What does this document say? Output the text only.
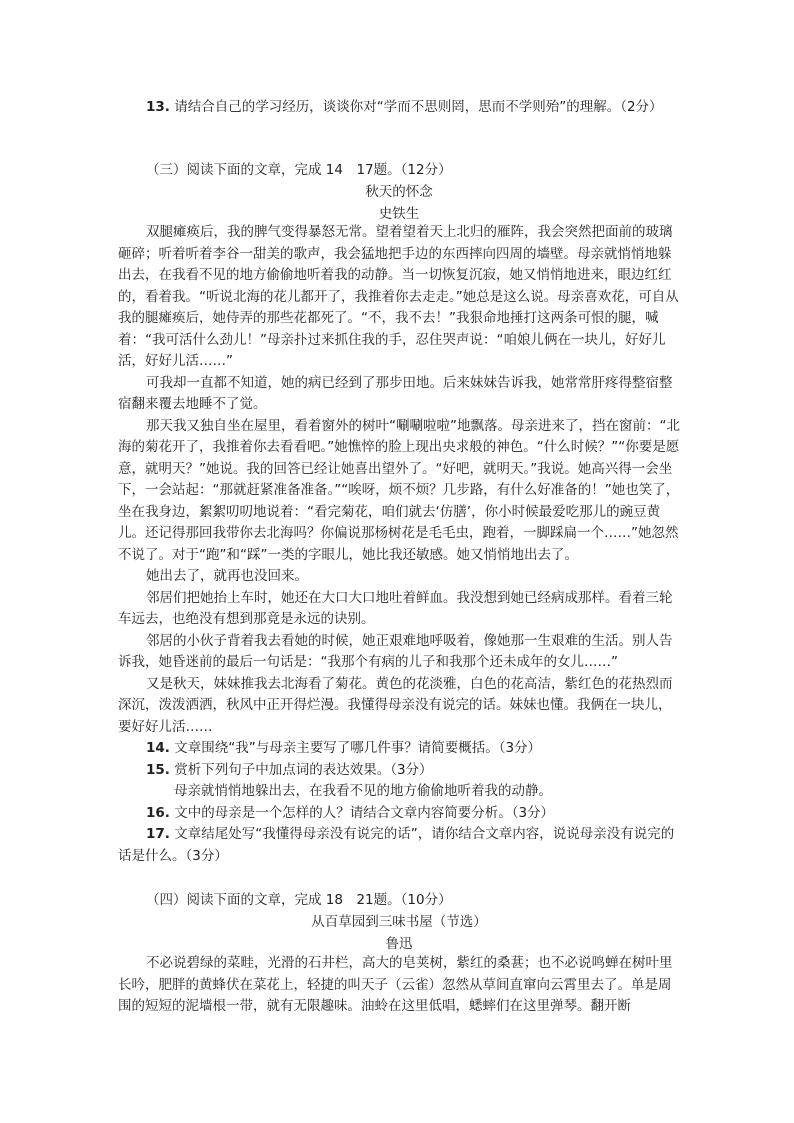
13. 请结合自己的学习经历，谈谈你对“学而不思则罔，思而不学则殆”的理解。（2分）

（三）阅读下面的文章，完成 14　17题。（12分）
秋天的怀念
史铁生

双腿瘫痪后，我的脾气变得暴怒无常。望着望着天上北归的雁阵，我会突然把面前的玻璃砸碎；听着听着李谷一甜美的歌声，我会猛地把手边的东西摔向四周的墙壁。母亲就悄悄地躲出去，在我看不见的地方偷偷地听着我的动静。当一切恢复沉寂，她又悄悄地进来，眼边红红的，看着我。“听说北海的花儿都开了，我推着你去走走。”她总是这么说。母亲喜欢花，可自从我的腿瘫痪后，她侍弄的那些花都死了。“不，我不去！”我狠命地捶打这两条可恨的腿，喊着：“我可活什么劲儿！”母亲扑过来抓住我的手，忍住哭声说：“咱娘儿俩在一块儿，好好儿活，好好儿活……”

可我却一直都不知道，她的病已经到了那步田地。后来妹妹告诉我，她常常肝疼得整宿整宿翻来覆去地睡不了觉。

那天我又独自坐在屋里，看着窗外的树叶“唰唰啦啦”地飘落。母亲进来了，挡在窗前：“北海的菊花开了，我推着你去看看吧。”她憔悴的脸上现出央求般的神色。“什么时候？”“你要是愿意，就明天？”她说。我的回答已经让她喜出望外了。“好吧，就明天。”我说。她高兴得一会坐下，一会站起：“那就赶紧准备准备。”“唉呀，烦不烦？几步路，有什么好准备的！”她也笑了，坐在我身边，絮絮叨叨地说着：“看完菊花，咱们就去‘仿膳’，你小时候最爱吃那儿的豌豆黄儿。还记得那回我带你去北海吗？你偏说那杨树花是毛毛虫，跑着，一脚踩扁一个……”她忽然不说了。对于“跑”和“踩”一类的字眼儿，她比我还敏感。她又悄悄地出去了。

她出去了，就再也没回来。

邻居们把她抬上车时，她还在大口大口地吐着鲜血。我没想到她已经病成那样。看着三轮车远去，也绝没有想到那竟是永远的诀别。

邻居的小伙子背着我去看她的时候，她正艰难地呼吸着，像她那一生艰难的生活。别人告诉我，她昏迷前的最后一句话是：“我那个有病的儿子和我那个还未成年的女儿……”

又是秋天，妹妹推我去北海看了菊花。黄色的花淡雅，白色的花高洁，紫红色的花热烈而深沉，泼泼洒洒，秋风中正开得烂漫。我懂得母亲没有说完的话。妹妹也懂。我俩在一块儿，要好好儿活……

14. 文章围绕“我”与母亲主要写了哪几件事？请简要概括。（3分）

15. 赏析下列句子中加点词的表达效果。（3分）

母亲就悄悄地躲出去，在我看不见的地方偷偷地听着我的动静。

16. 文中的母亲是一个怎样的人？请结合文章内容简要分析。（3分）

17. 文章结尾处写“我懂得母亲没有说完的话”，请你结合文章内容，说说母亲没有说完的话是什么。（3分）

（四）阅读下面的文章，完成 18　21题。（10分）
从百草园到三味书屋（节选）
鲁迅

不必说碧绿的菜畦，光滑的石井栏，高大的皂荚树，紫红的桑葚；也不必说鸣蝉在树叶里长吟，肥胖的黄蜂伏在菜花上，轻捷的叫天子（云雀）忽然从草间直窜向云霄里去了。单是周围的短短的泥墙根一带，就有无限趣味。油蛉在这里低唱，蟋蟀们在这里弹琴。翻开断
